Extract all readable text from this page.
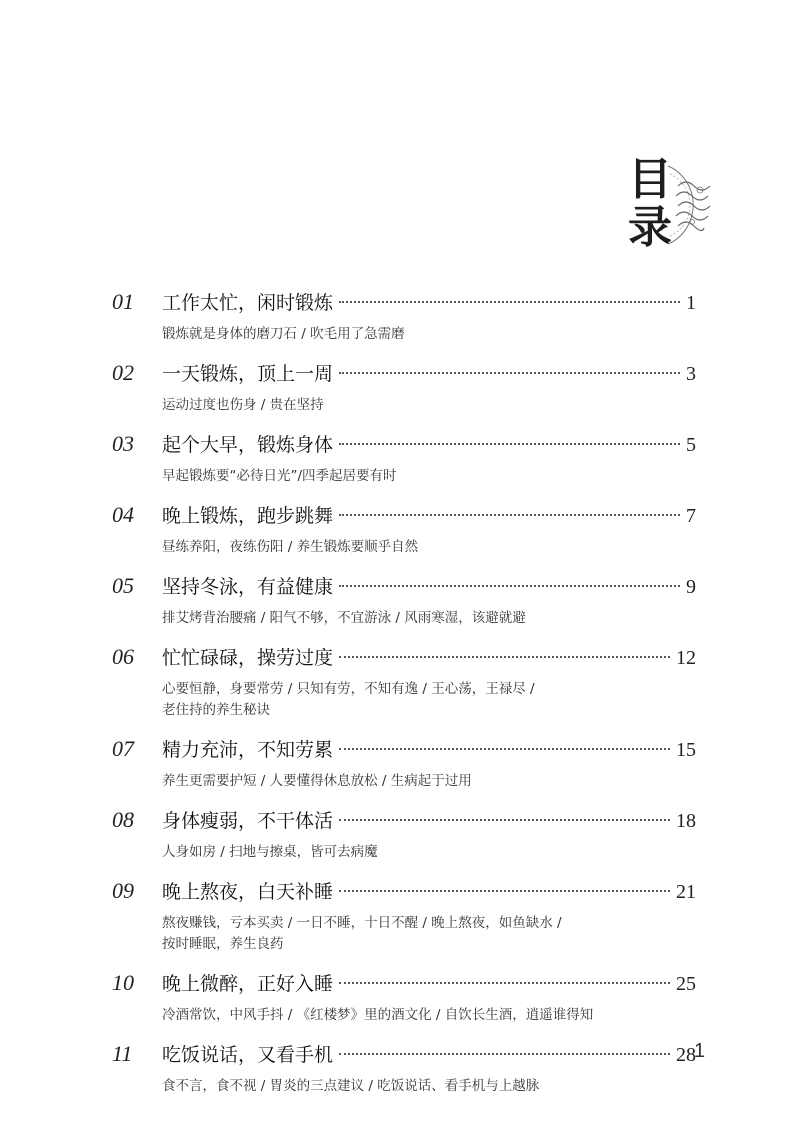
目
录
01	工作太忙，闲时锻炼	1
锻炼就是身体的磨刀石 / 吹毛用了急需磨
02	一天锻炼，顶上一周	3
运动过度也伤身 / 贵在坚持
03	起个大早，锻炼身体	5
早起锻炼要“必待日光”/四季起居要有时
04	晚上锻炼，跑步跳舞	7
昼练养阳，夜练伤阳 / 养生锻炼要顺乎自然
05	坚持冬泳，有益健康	9
排艾烤背治腰痛 / 阳气不够，不宜游泳 / 风雨寒湿，该避就避
06	忙忙碌碌，操劳过度	12
心要恒静，身要常劳 / 只知有劳，不知有逸 / 王心荡，王禄尽 /
老住持的养生秘诀
07	精力充沛，不知劳累	15
养生更需要护短 / 人要懂得休息放松 / 生病起于过用
08	身体瘦弱，不干体活	18
人身如房 / 扫地与擦桌，皆可去病魔
09	晚上熬夜，白天补睡	21
熬夜赚钱，亏本买卖 / 一日不睡，十日不醒 / 晚上熬夜，如鱼缺水 /
按时睡眠，养生良药
10	晚上微醉，正好入睡	25
冷酒常饮，中风手抖 / 《红楼梦》里的酒文化 / 自饮长生酒，逍遥谁得知
11	吃饭说话，又看手机	28
食不言，食不视 / 胃炎的三点建议 / 吃饭说话、看手机与上越脉
1
